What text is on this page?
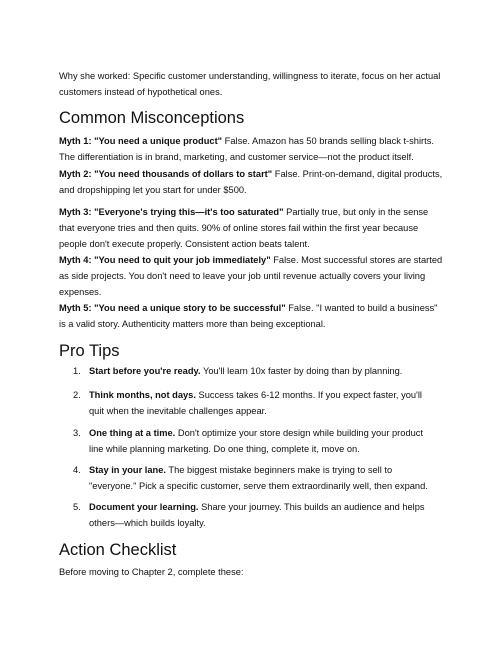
Why she worked: Specific customer understanding, willingness to iterate, focus on her actual customers instead of hypothetical ones.

Common Misconceptions

Myth 1: "You need a unique product" False. Amazon has 50 brands selling black t-shirts. The differentiation is in brand, marketing, and customer service—not the product itself.

Myth 2: "You need thousands of dollars to start" False. Print-on-demand, digital products, and dropshipping let you start for under $500.

Myth 3: "Everyone's trying this—it's too saturated" Partially true, but only in the sense that everyone tries and then quits. 90% of online stores fail within the first year because people don't execute properly. Consistent action beats talent.

Myth 4: "You need to quit your job immediately" False. Most successful stores are started as side projects. You don't need to leave your job until revenue actually covers your living expenses.

Myth 5: "You need a unique story to be successful" False. "I wanted to build a business" is a valid story. Authenticity matters more than being exceptional.

Pro Tips
1. Start before you're ready. You'll learn 10x faster by doing than by planning.
2. Think months, not days. Success takes 6-12 months. If you expect faster, you'll quit when the inevitable challenges appear.
3. One thing at a time. Don't optimize your store design while building your product line while planning marketing. Do one thing, complete it, move on.
4. Stay in your lane. The biggest mistake beginners make is trying to sell to "everyone." Pick a specific customer, serve them extraordinarily well, then expand.
5. Document your learning. Share your journey. This builds an audience and helps others—which builds loyalty.
Action Checklist

Before moving to Chapter 2, complete these:
